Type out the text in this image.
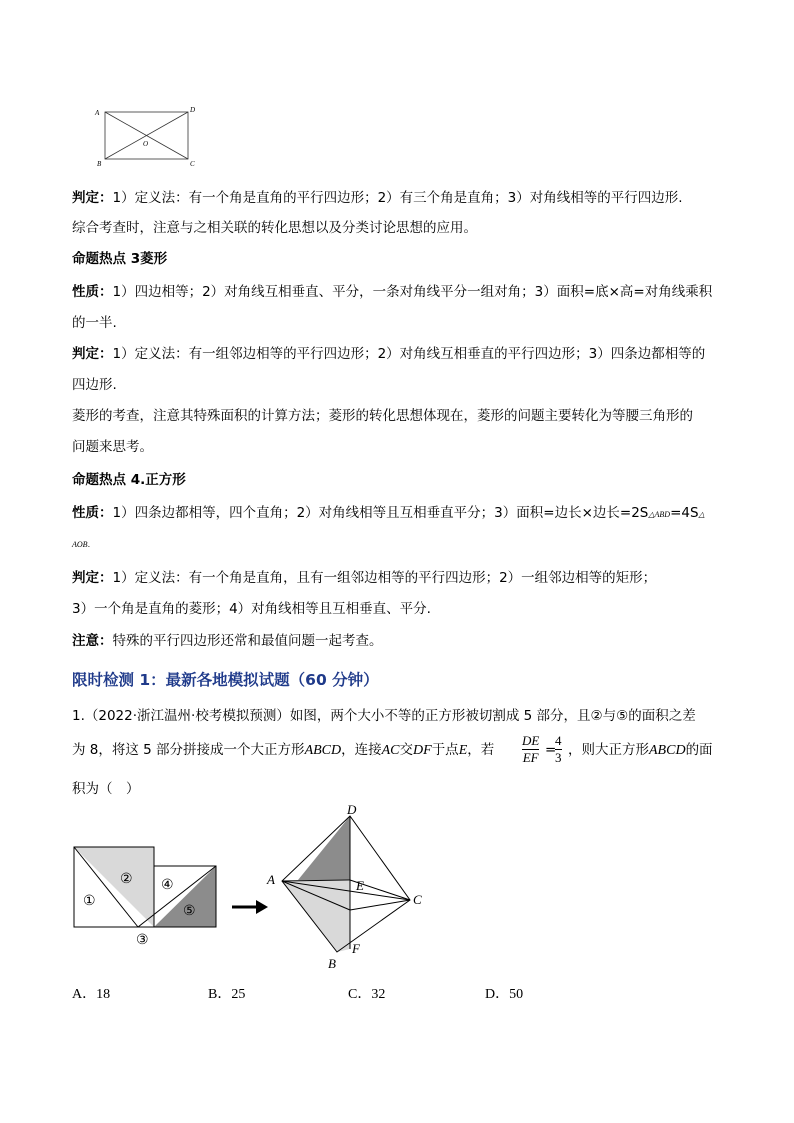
A	D
B	C
O
判定：1）定义法：有一个角是直角的平行四边形；2）有三个角是直角；3）对角线相等的平行四边形.
综合考查时，注意与之相关联的转化思想以及分类讨论思想的应用。
命题热点 3菱形
性质：1）四边相等；2）对角线互相垂直、平分，一条对角线平分一组对角；3）面积=底×高=对角线乘积
的一半.
判定：1）定义法：有一组邻边相等的平行四边形；2）对角线互相垂直的平行四边形；3）四条边都相等的
四边形.
菱形的考查，注意其特殊面积的计算方法；菱形的转化思想体现在，菱形的问题主要转化为等腰三角形的
问题来思考。
命题热点 4.正方形
性质：1）四条边都相等，四个直角；2）对角线相等且互相垂直平分；3）面积=边长×边长=2S△ABD=4S△
AOB.
判定：1）定义法：有一个角是直角，且有一组邻边相等的平行四边形；2）一组邻边相等的矩形；
3）一个角是直角的菱形；4）对角线相等且互相垂直、平分.
注意：特殊的平行四边形还常和最值问题一起考查。
限时检测 1：最新各地模拟试题（60 分钟）
1.（2022·浙江温州·校考模拟预测）如图，两个大小不等的正方形被切割成 5 部分，且②与⑤的面积之差
为 8，将这 5 部分拼接成一个大正方形ABCD，连接AC交DF于点E，若 $\frac{DE}{EF}$ =
$\frac{4}{3}$ ，则大正方形ABCD的面
积为（　）
①
②
③
④
⑤
D
A	E
C
F
B
A．18	B．25	C．32	D．50
